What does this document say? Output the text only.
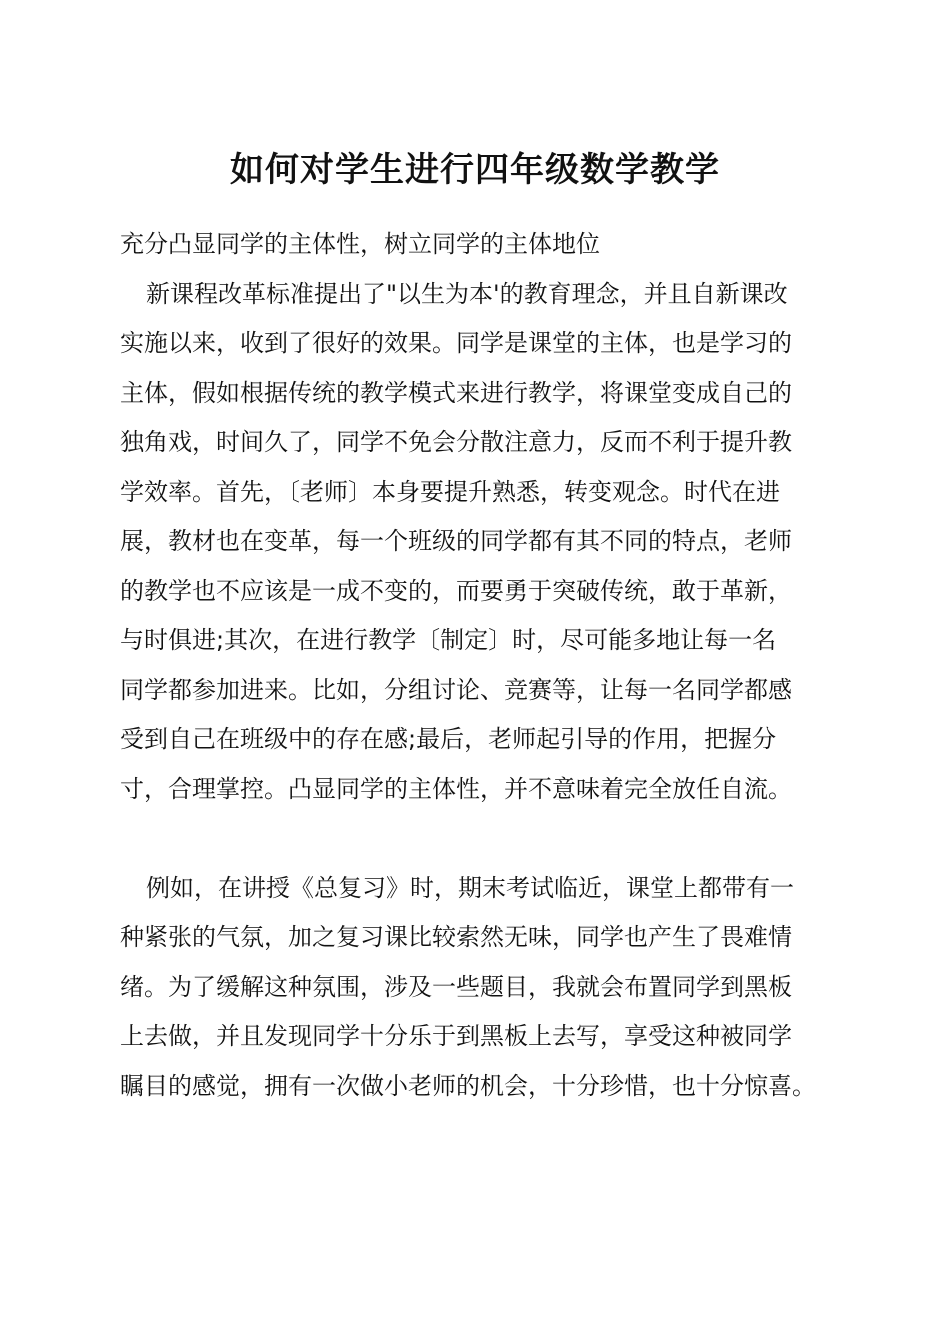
如何对学生进行四年级数学教学

充分凸显同学的主体性，树立同学的主体地位

新课程改革标准提出了"以生为本'的教育理念，并且自新课改

实施以来，收到了很好的效果。同学是课堂的主体，也是学习的

主体，假如根据传统的教学模式来进行教学，将课堂变成自己的

独角戏，时间久了，同学不免会分散注意力，反而不利于提升教

学效率。首先，〔老师〕本身要提升熟悉，转变观念。时代在进

展，教材也在变革，每一个班级的同学都有其不同的特点，老师

的教学也不应该是一成不变的，而要勇于突破传统，敢于革新，

与时俱进;其次，在进行教学〔制定〕时，尽可能多地让每一名

同学都参加进来。比如，分组讨论、竞赛等，让每一名同学都感

受到自己在班级中的存在感;最后，老师起引导的作用，把握分

寸，合理掌控。凸显同学的主体性，并不意味着完全放任自流。

例如，在讲授《总复习》时，期末考试临近，课堂上都带有一

种紧张的气氛，加之复习课比较索然无味，同学也产生了畏难情

绪。为了缓解这种氛围，涉及一些题目，我就会布置同学到黑板

上去做，并且发现同学十分乐于到黑板上去写，享受这种被同学

瞩目的感觉，拥有一次做小老师的机会，十分珍惜，也十分惊喜。
